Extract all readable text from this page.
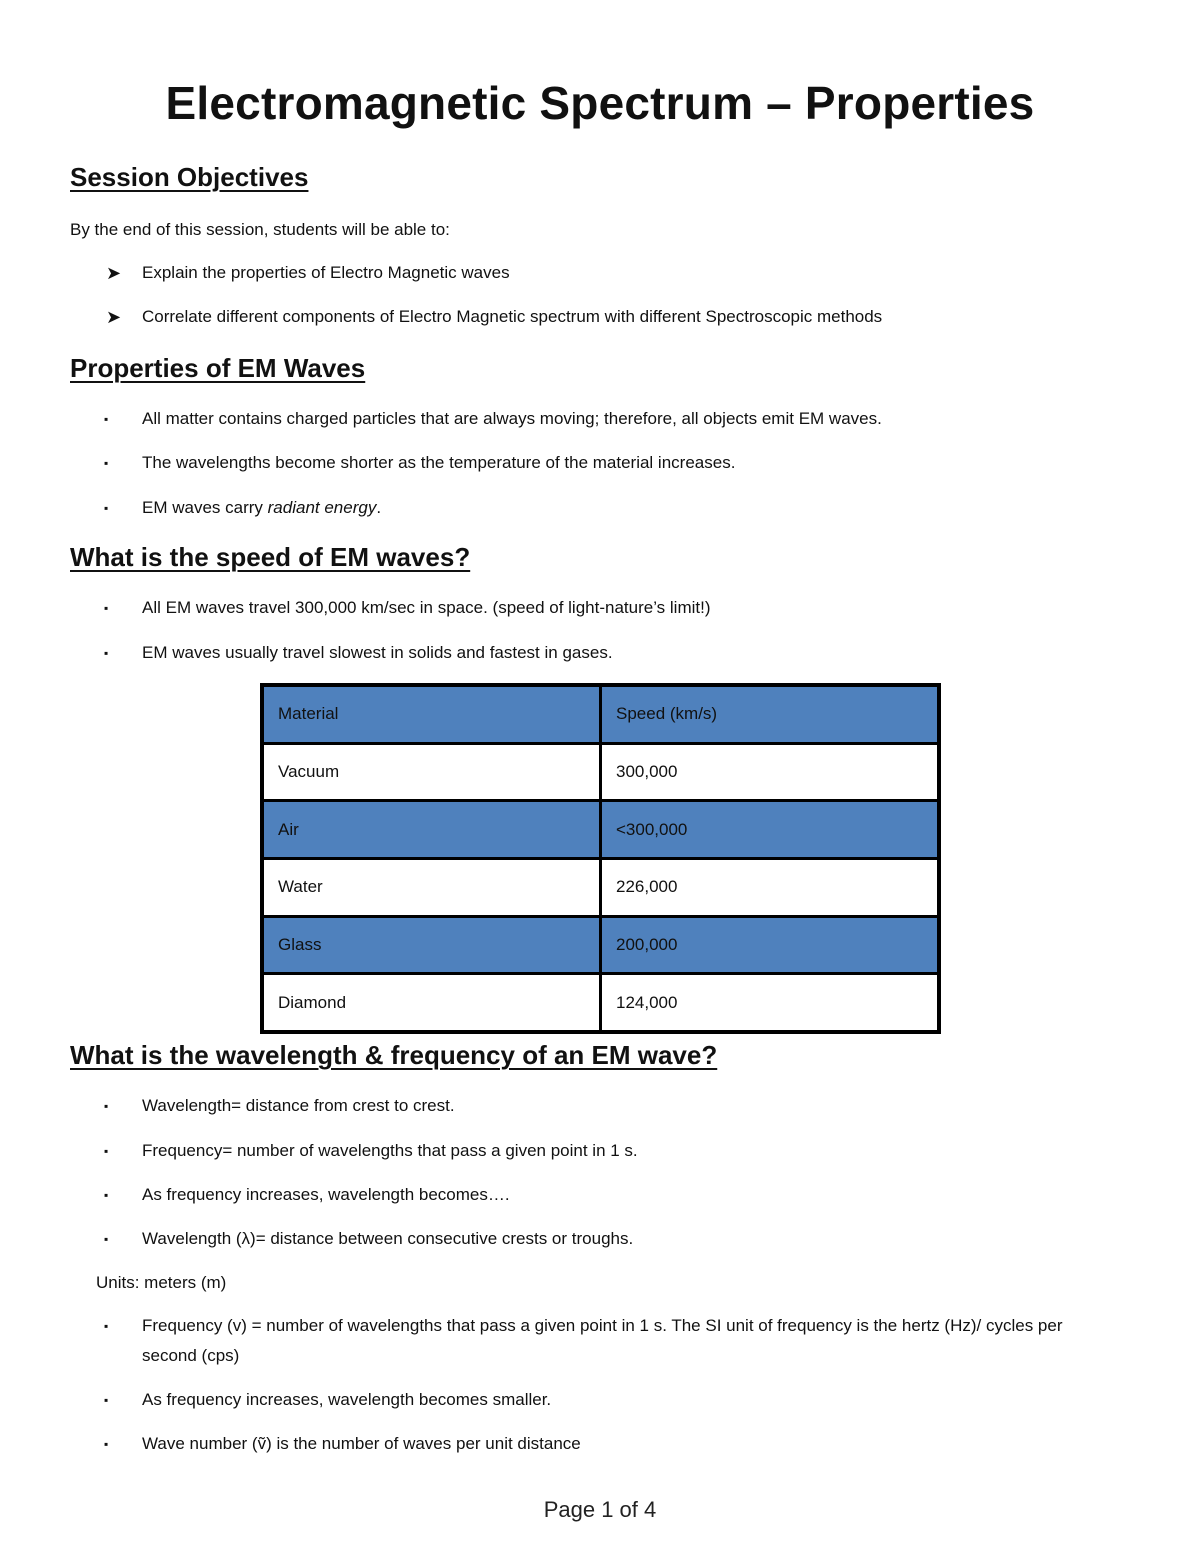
Electromagnetic Spectrum – Properties
Session Objectives

By the end of this session, students will be able to:

➤ Explain the properties of Electro Magnetic waves
➤ Correlate different components of Electro Magnetic spectrum with different Spectroscopic methods
Properties of EM Waves
▪ All matter contains charged particles that are always moving; therefore, all objects emit EM waves.
▪ The wavelengths become shorter as the temperature of the material increases.
▪ EM waves carry radiant energy.
What is the speed of EM waves?
▪ All EM waves travel 300,000 km/sec in space. (speed of light-nature’s limit!)
▪ EM waves usually travel slowest in solids and fastest in gases.
Material	Speed (km/s)
Vacuum	300,000
Air	<300,000
Water	226,000
Glass	200,000
Diamond	124,000
What is the wavelength & frequency of an EM wave?
▪ Wavelength= distance from crest to crest.
▪ Frequency= number of wavelengths that pass a given point in 1 s.
▪ As frequency increases, wavelength becomes….
▪ Wavelength (λ)= distance between consecutive crests or troughs.

Units: meters (m)

▪ Frequency (v) = number of wavelengths that pass a given point in 1 s. The SI unit of frequency is the hertz (Hz)/ cycles per second (cps)
▪ As frequency increases, wavelength becomes smaller.
▪ Wave number (ṽ) is the number of waves per unit distance
Page 1 of 4
